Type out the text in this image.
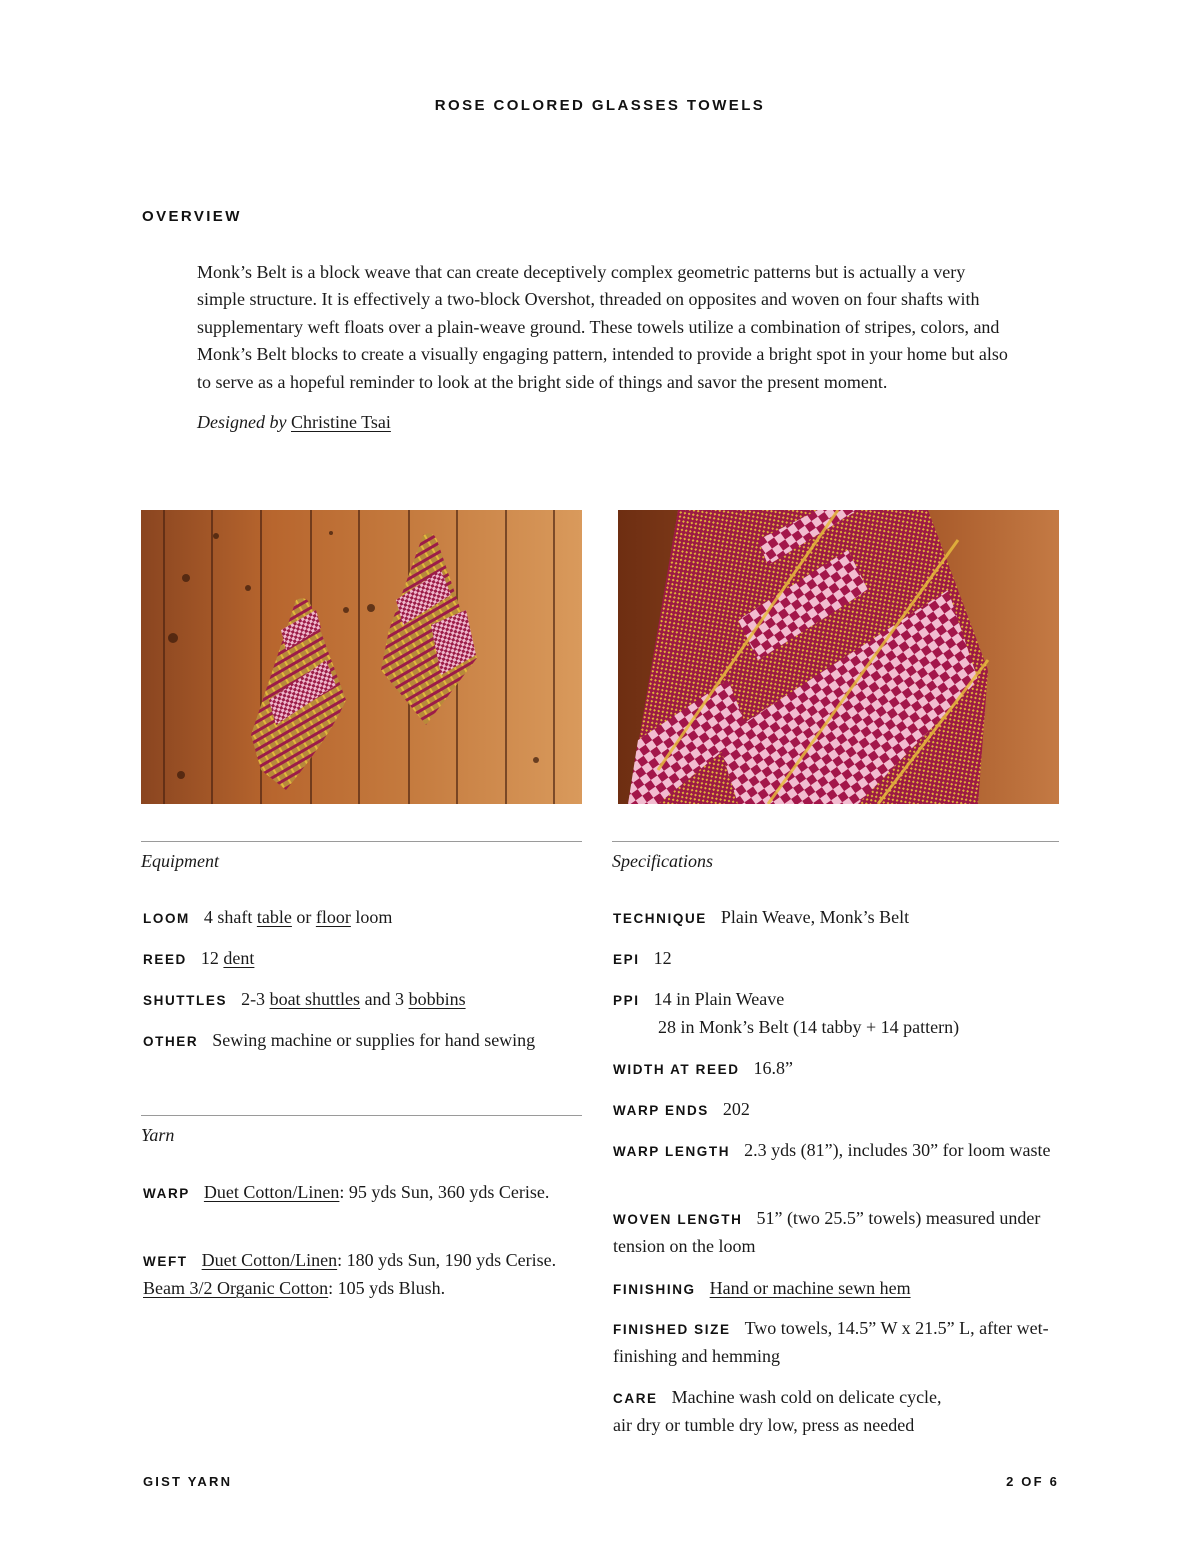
ROSE COLORED GLASSES TOWELS
OVERVIEW

Monk’s Belt is a block weave that can create deceptively complex geometric patterns but is actually a very simple structure. It is effectively a two-block Overshot, threaded on opposites and woven on four shafts with supplementary weft floats over a plain-weave ground. These towels utilize a combination of stripes, colors, and Monk’s Belt blocks to create a visually engaging pattern, intended to provide a bright spot in your home but also to serve as a hopeful reminder to look at the bright side of things and savor the present moment.

Designed by Christine Tsai

Equipment
LOOM 4 shaft table or floor loom
REED 12 dent
SHUTTLES 2-3 boat shuttles and 3 bobbins
OTHER Sewing machine or supplies for hand sewing
Yarn
WARP Duet Cotton/Linen: 95 yds Sun, 360 yds Cerise.
WEFT Duet Cotton/Linen: 180 yds Sun, 190 yds Cerise. Beam 3/2 Organic Cotton: 105 yds Blush.
Specifications
TECHNIQUE Plain Weave, Monk’s Belt
EPI 12
PPI 14 in Plain Weave
28 in Monk’s Belt (14 tabby + 14 pattern)
WIDTH AT REED 16.8”
WARP ENDS 202
WARP LENGTH 2.3 yds (81”), includes 30” for loom waste
WOVEN LENGTH 51” (two 25.5” towels) measured under tension on the loom
FINISHING Hand or machine sewn hem
FINISHED SIZE Two towels, 14.5” W x 21.5” L, after wet-finishing and hemming
CARE Machine wash cold on delicate cycle,
air dry or tumble dry low, press as needed
GIST YARN	2 OF 6
